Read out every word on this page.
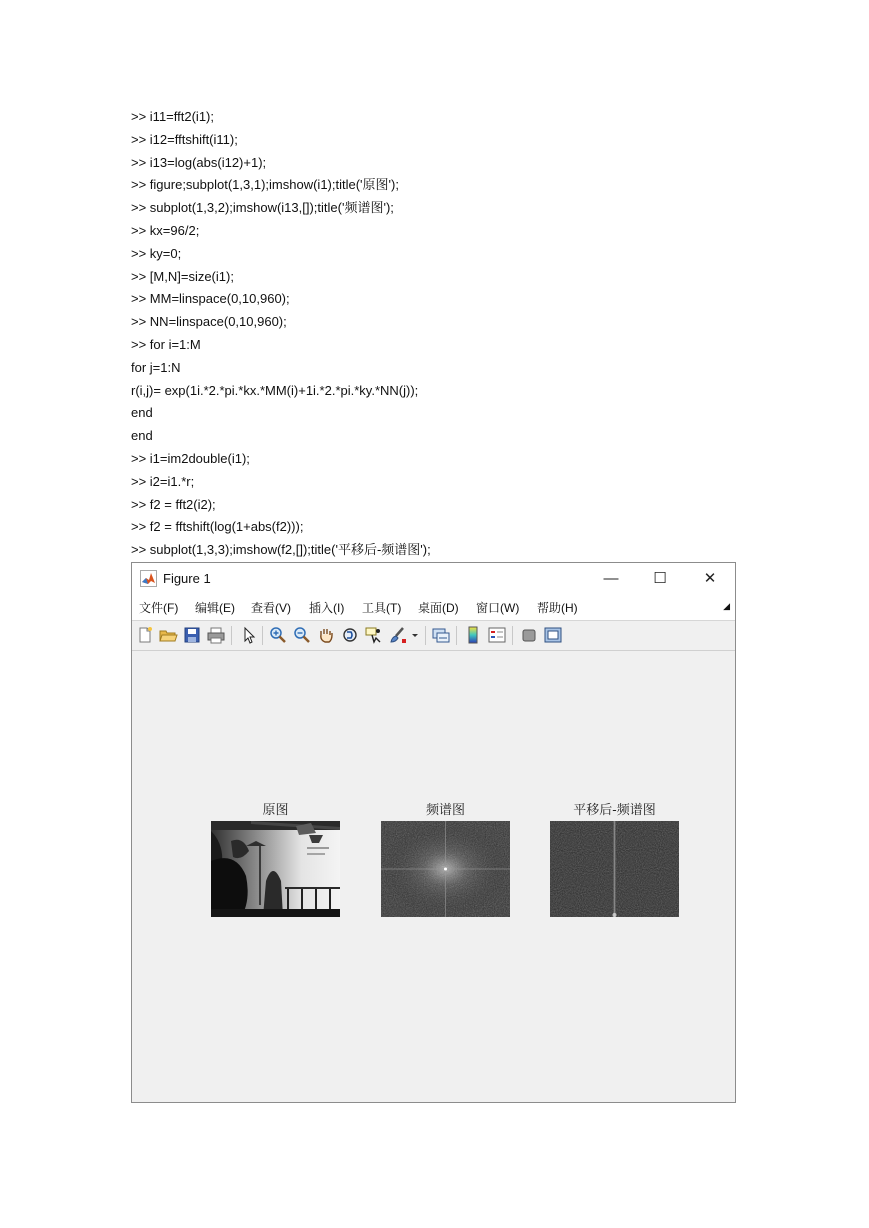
>> i11=fft2(i1);
>> i12=fftshift(i11);
>> i13=log(abs(i12)+1);
>> figure;subplot(1,3,1);imshow(i1);title('原图');
>> subplot(1,3,2);imshow(i13,[]);title('频谱图');
>> kx=96/2;
>> ky=0;
>> [M,N]=size(i1);
>> MM=linspace(0,10,960);
>> NN=linspace(0,10,960);
>> for i=1:M
for j=1:N
r(i,j)= exp(1i.*2.*pi.*kx.*MM(i)+1i.*2.*pi.*ky.*NN(j));
end
end
>> i1=im2double(i1);
>> i2=i1.*r;
>> f2 = fft2(i2);
>> f2 = fftshift(log(1+abs(f2)));
>> subplot(1,3,3);imshow(f2,[]);title('平移后-频谱图');
Figure 1	— ☐ ✕
文件(F) 编辑(E) 查看(V) 插入(I) 工具(T) 桌面(D) 窗口(W) 帮助(H)	◢
原图	频谱图	平移后-频谱图
